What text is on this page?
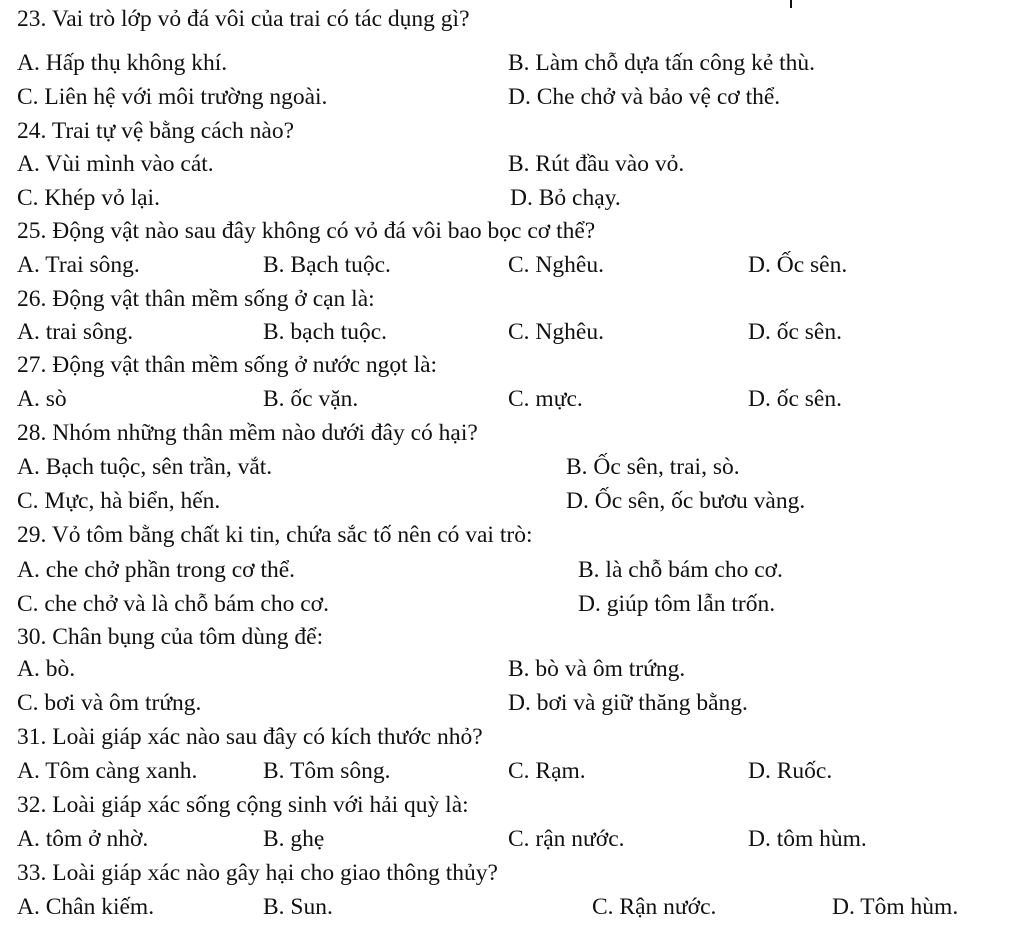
23. Vai trò lớp vỏ đá vôi của trai có tác dụng gì?
A. Hấp thụ không khí.	B. Làm chỗ dựa tấn công kẻ thù.
C. Liên hệ với môi trường ngoài.	D. Che chở và bảo vệ cơ thể.
24. Trai tự vệ bằng cách nào?
A. Vùi mình vào cát.	B. Rút đầu vào vỏ.
C. Khép vỏ lại.	D. Bỏ chạy.
25. Động vật nào sau đây không có vỏ đá vôi bao bọc cơ thể?
A. Trai sông.	B. Bạch tuộc.	C. Nghêu.	D. Ốc sên.
26. Động vật thân mềm sống ở cạn là:
A. trai sông.	B. bạch tuộc.	C. Nghêu.	D. ốc sên.
27. Động vật thân mềm sống ở nước ngọt là:
A. sò	B. ốc vặn.	C. mực.	D. ốc sên.
28. Nhóm những thân mềm nào dưới đây có hại?
A. Bạch tuộc, sên trần, vắt.	B. Ốc sên, trai, sò.
C. Mực, hà biển, hến.	D. Ốc sên, ốc bươu vàng.
29. Vỏ tôm bằng chất ki tin, chứa sắc tố nên có vai trò:
A. che chở phần trong cơ thể.	B. là chỗ bám cho cơ.
C. che chở và là chỗ bám cho cơ.	D. giúp tôm lẫn trốn.
30. Chân bụng của tôm dùng để:
A. bò.	B. bò và ôm trứng.
C. bơi và ôm trứng.	D. bơi và giữ thăng bằng.
31. Loài giáp xác nào sau đây có kích thước nhỏ?
A. Tôm càng xanh.	B. Tôm sông.	C. Rạm.	D. Ruốc.
32. Loài giáp xác sống cộng sinh với hải quỳ là:
A. tôm ở nhờ.	B. ghẹ	C. rận nước.	D. tôm hùm.
33. Loài giáp xác nào gây hại cho giao thông thủy?
A. Chân kiếm.	B. Sun.	C. Rận nước.	D. Tôm hùm.
